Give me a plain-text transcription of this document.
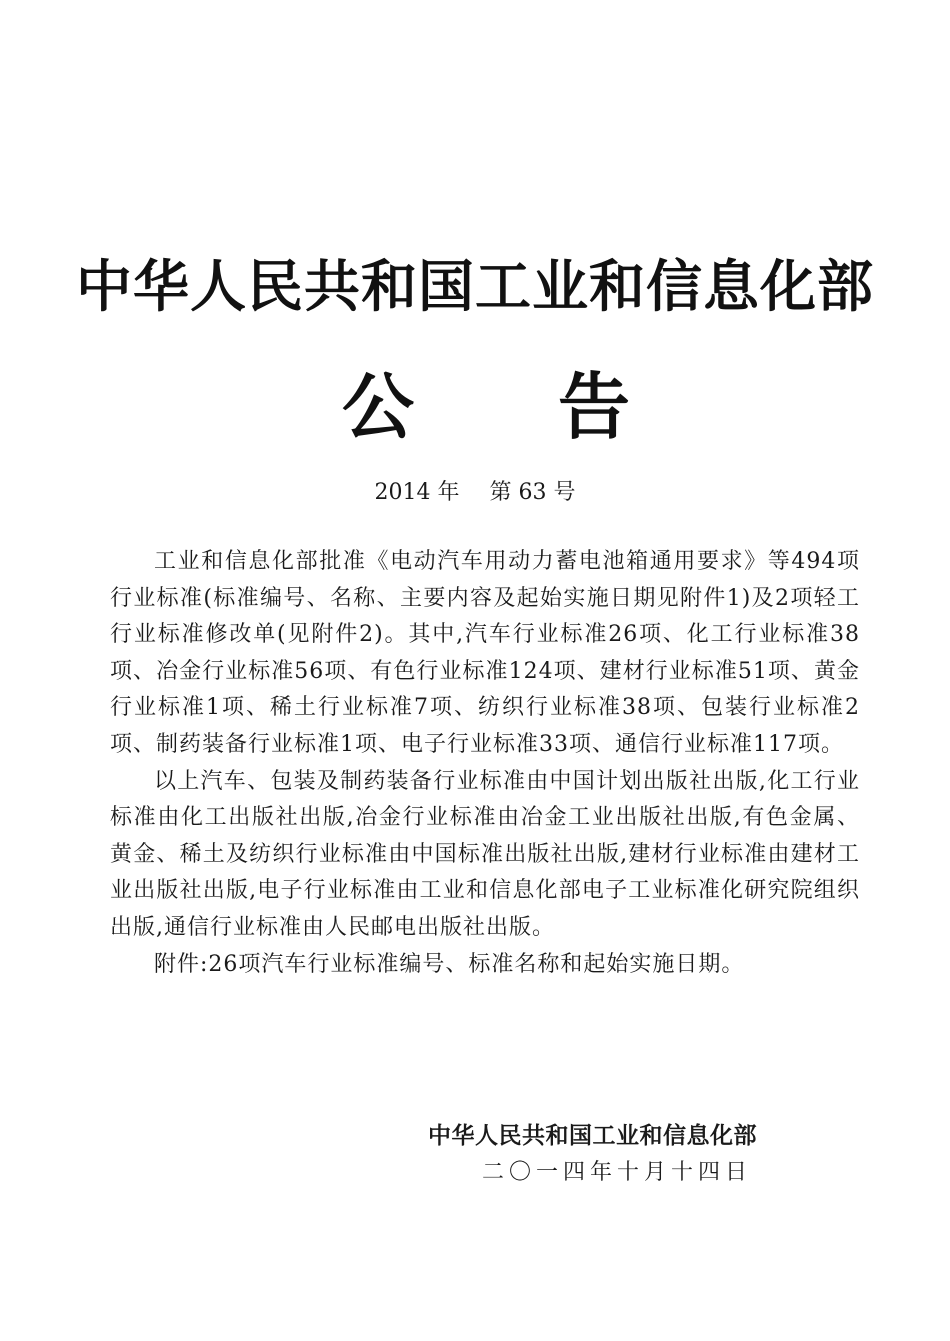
中华人民共和国工业和信息化部
公 告
2014 年 第 63 号

工业和信息化部批准《电动汽车用动力蓄电池箱通用要求》等494项行业标准(标准编号、名称、主要内容及起始实施日期见附件1)及2项轻工行业标准修改单(见附件2)。其中,汽车行业标准26项、化工行业标准38项、冶金行业标准56项、有色行业标准124项、建材行业标准51项、黄金行业标准1项、稀土行业标准7项、纺织行业标准38项、包装行业标准2项、制药装备行业标准1项、电子行业标准33项、通信行业标准117项。

以上汽车、包装及制药装备行业标准由中国计划出版社出版,化工行业标准由化工出版社出版,冶金行业标准由冶金工业出版社出版,有色金属、黄金、稀土及纺织行业标准由中国标准出版社出版,建材行业标准由建材工业出版社出版,电子行业标准由工业和信息化部电子工业标准化研究院组织出版,通信行业标准由人民邮电出版社出版。

附件:26项汽车行业标准编号、标准名称和起始实施日期。

中华人民共和国工业和信息化部
二〇一四年十月十四日
